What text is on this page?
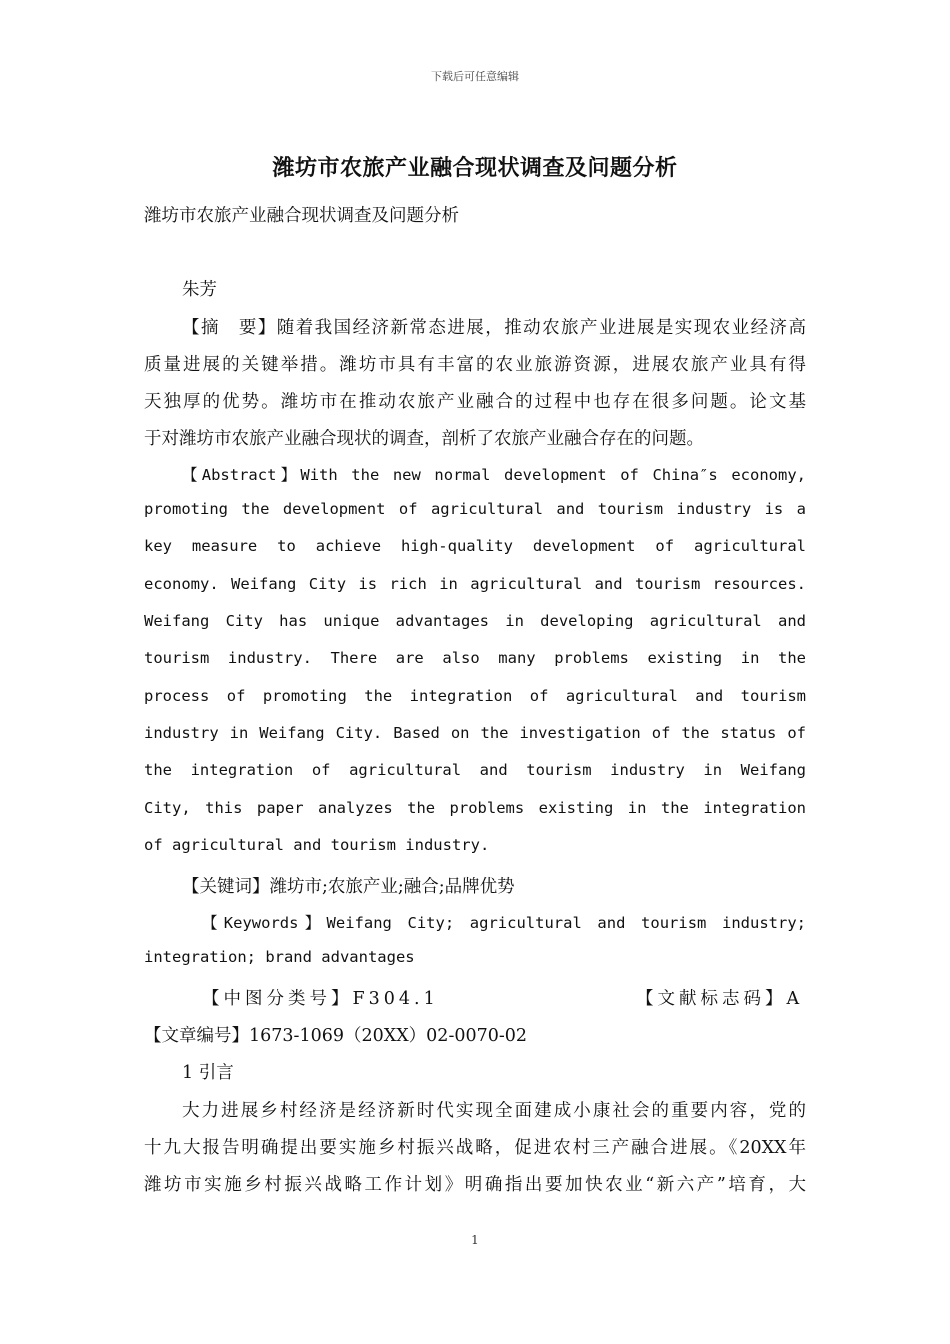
下载后可任意编辑
潍坊市农旅产业融合现状调查及问题分析
潍坊市农旅产业融合现状调查及问题分析
朱芳
【摘　要】随着我国经济新常态进展，推动农旅产业进展是实现农业经济高
质量进展的关键举措。潍坊市具有丰富的农业旅游资源，进展农旅产业具有得
天独厚的优势。潍坊市在推动农旅产业融合的过程中也存在很多问题。论文基
于对潍坊市农旅产业融合现状的调查，剖析了农旅产业融合存在的问题。
【Abstract】With the new normal development of China″s economy,
promoting the development of agricultural and tourism industry is a
key measure to achieve high-quality development of agricultural
economy. Weifang City is rich in agricultural and tourism resources.
Weifang City has unique advantages in developing agricultural and
tourism industry. There are also many problems existing in the
process of promoting the integration of agricultural and tourism
industry in Weifang City. Based on the investigation of the status of
the integration of agricultural and tourism industry in Weifang
City, this paper analyzes the problems existing in the integration
of agricultural and tourism industry.
【关键词】潍坊市;农旅产业;融合;品牌优势
【Keywords】Weifang City; agricultural and tourism industry;
integration; brand advantages
【中图分类号】F304.1	【文献标志码】A
【文章编号】1673-1069（20XX）02-0070-02
1 引言
大力进展乡村经济是经济新时代实现全面建成小康社会的重要内容，党的
十九大报告明确提出要实施乡村振兴战略，促进农村三产融合进展。《20XX年
潍坊市实施乡村振兴战略工作计划》明确指出要加快农业“新六产”培育，大
1
